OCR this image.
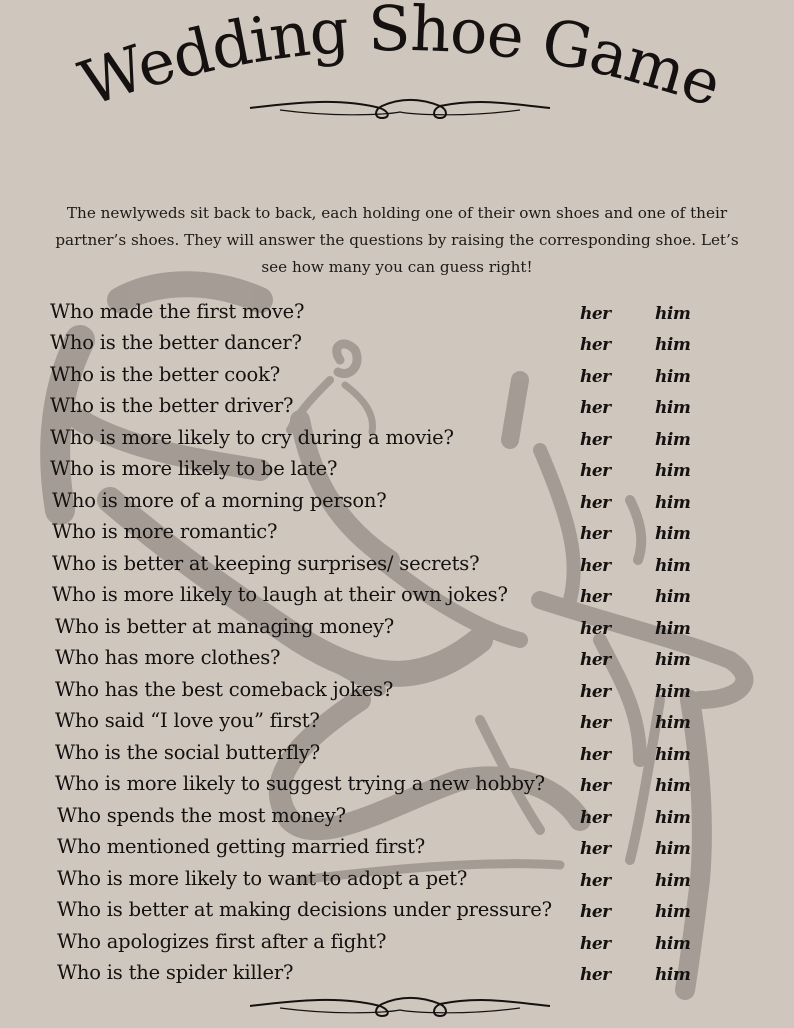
Wedding Shoe Game

The newlyweds sit back to back, each holding one of their own shoes and one of their partner’s shoes. They will answer the questions by raising the corresponding shoe. Let’s see how many you can guess right!

Who made the first move?	her	him
Who is the better dancer?	her	him
Who is the better cook?	her	him
Who is the better driver?	her	him
Who is more likely to cry during a movie?	her	him
Who is more likely to be late?	her	him
Who is more of a morning person?	her	him
Who is more romantic?	her	him
Who is better at keeping surprises/ secrets?	her	him
Who is more likely to laugh at their own jokes?	her	him
Who is better at managing money?	her	him
Who has more clothes?	her	him
Who has the best comeback jokes?	her	him
Who said “I love you” first?	her	him
Who is the social butterfly?	her	him
Who is more likely to suggest trying a new hobby? her	him
Who spends the most money?	her	him
Who mentioned getting married first?	her	him
Who is more likely to want to adopt a pet?	her	him
Who is better at making decisions under pressure? her	him
Who apologizes first after a fight?	her	him
Who is the spider killer?	her	him
